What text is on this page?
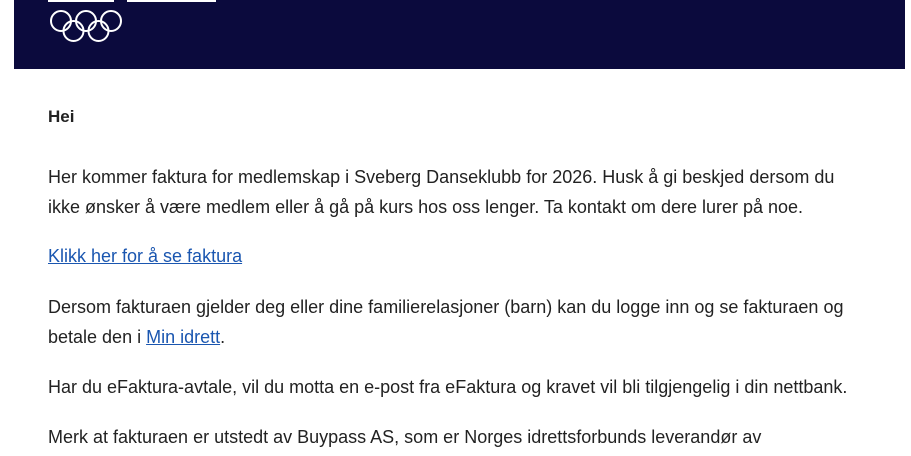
Hei

Her kommer faktura for medlemskap i Sveberg Danseklubb for 2026. Husk å gi beskjed dersom du ikke ønsker å være medlem eller å gå på kurs hos oss lenger. Ta kontakt om dere lurer på noe.

Klikk her for å se faktura

Dersom fakturaen gjelder deg eller dine familierelasjoner (barn) kan du logge inn og se fakturaen og betale den i Min idrett.

Har du eFaktura-avtale, vil du motta en e-post fra eFaktura og kravet vil bli tilgjengelig i din nettbank.

Merk at fakturaen er utstedt av Buypass AS, som er Norges idrettsforbunds leverandør av
